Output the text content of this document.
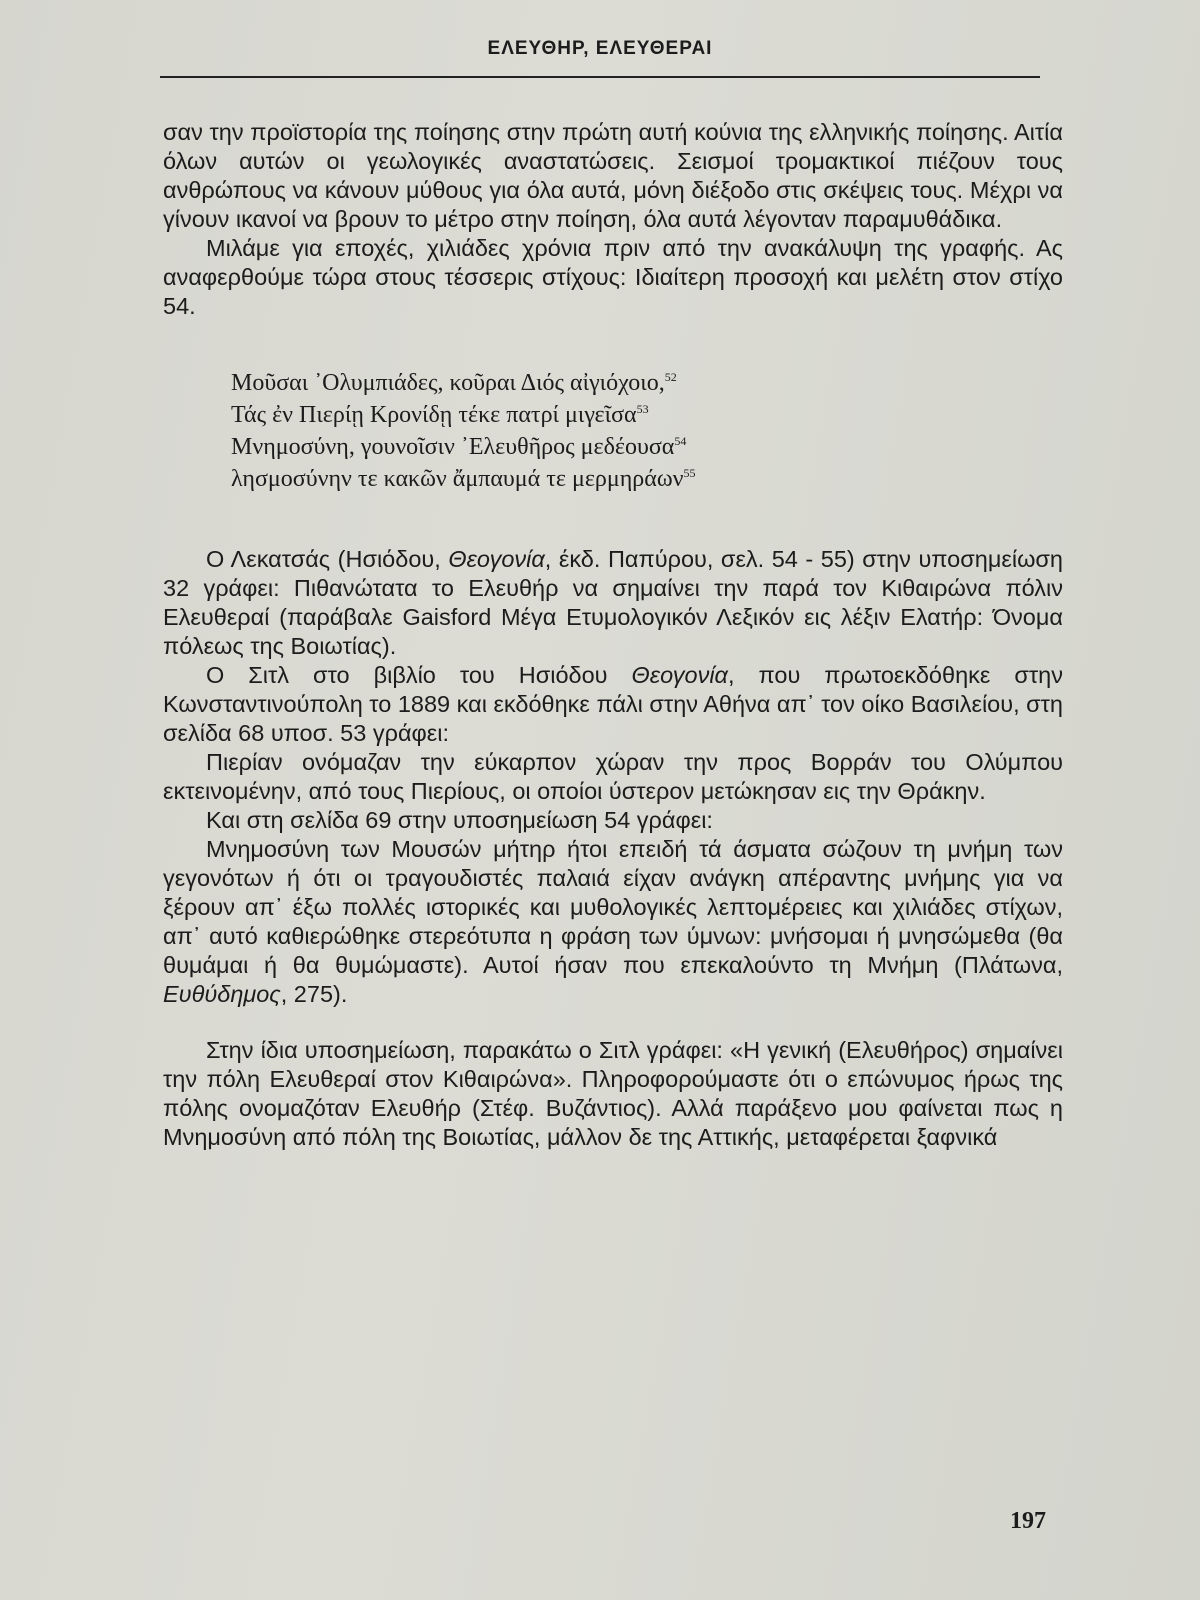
ΕΛΕΥΘΗΡ, ΕΛΕΥΘΕΡΑΙ

σαν την προϊστορία της ποίησης στην πρώτη αυτή κούνια της ελληνικής ποίησης. Αιτία όλων αυτών οι γεωλογικές αναστατώσεις. Σεισμοί τρομακτικοί πιέζουν τους ανθρώπους να κάνουν μύθους για όλα αυτά, μόνη διέξοδο στις σκέψεις τους. Μέχρι να γίνουν ικανοί να βρουν το μέτρο στην ποίηση, όλα αυτά λέγονταν παραμυθάδικα.

Μιλάμε για εποχές, χιλιάδες χρόνια πριν από την ανακάλυψη της γραφής. Ας αναφερθούμε τώρα στους τέσσερις στίχους: Ιδιαίτερη προσοχή και μελέτη στον στίχο 54.

Μοῦσαι ᾽Ολυμπιάδες, κοῦραι Διός αἰγιόχοιο,$^{52}$
Τάς ἐν Πιερίῃ Κρονίδῃ τέκε πατρί μιγεῖσα$^{53}$
Μνημοσύνη, γουνοῖσιν ᾽Ελευθῆρος μεδέουσα$^{54}$
λησμοσύνην τε κακῶν ἄμπαυμά τε μερμηράων$^{55}$

Ο Λεκατσάς (Ησιόδου, Θεογονία, έκδ. Παπύρου, σελ. 54 - 55) στην υποσημείωση 32 γράφει: Πιθανώτατα το Ελευθήρ να σημαίνει την παρά τον Κιθαιρώνα πόλιν Ελευθεραί (παράβαλε Gaisford Μέγα Ετυμολογικόν Λεξικόν εις λέξιν Ελατήρ: Όνομα πόλεως της Βοιωτίας).

Ο Σιτλ στο βιβλίο του Ησιόδου Θεογονία, που πρωτοεκδόθηκε στην Κωνσταντινούπολη το 1889 και εκδόθηκε πάλι στην Αθήνα απ᾽ τον οίκο Βασιλείου, στη σελίδα 68 υποσ. 53 γράφει:

Πιερίαν ονόμαζαν την εύκαρπον χώραν την προς Βορράν του Ολύμπου εκτεινομένην, από τους Πιερίους, οι οποίοι ύστερον μετώκησαν εις την Θράκην.

Και στη σελίδα 69 στην υποσημείωση 54 γράφει:

Μνημοσύνη των Μουσών μήτηρ ήτοι επειδή τά άσματα σώζουν τη μνήμη των γεγονότων ή ότι οι τραγουδιστές παλαιά είχαν ανάγκη απέραντης μνήμης για να ξέρουν απ᾽ έξω πολλές ιστορικές και μυθολογικές λεπτομέρειες και χιλιάδες στίχων, απ᾽ αυτό καθιερώθηκε στερεότυπα η φράση των ύμνων: μνήσομαι ή μνησώμεθα (θα θυμάμαι ή θα θυμώμαστε). Αυτοί ήσαν που επεκαλούντο τη Μνήμη (Πλάτωνα, Ευθύδημος, 275).

Στην ίδια υποσημείωση, παρακάτω ο Σιτλ γράφει: «Η γενική (Ελευθήρος) σημαίνει την πόλη Ελευθεραί στον Κιθαιρώνα». Πληροφορούμαστε ότι ο επώνυμος ήρως της πόλης ονομαζόταν Ελευθήρ (Στέφ. Βυζάντιος). Αλλά παράξενο μου φαίνεται πως η Μνημοσύνη από πόλη της Βοιωτίας, μάλλον δε της Αττικής, μεταφέρεται ξαφνικά

197
